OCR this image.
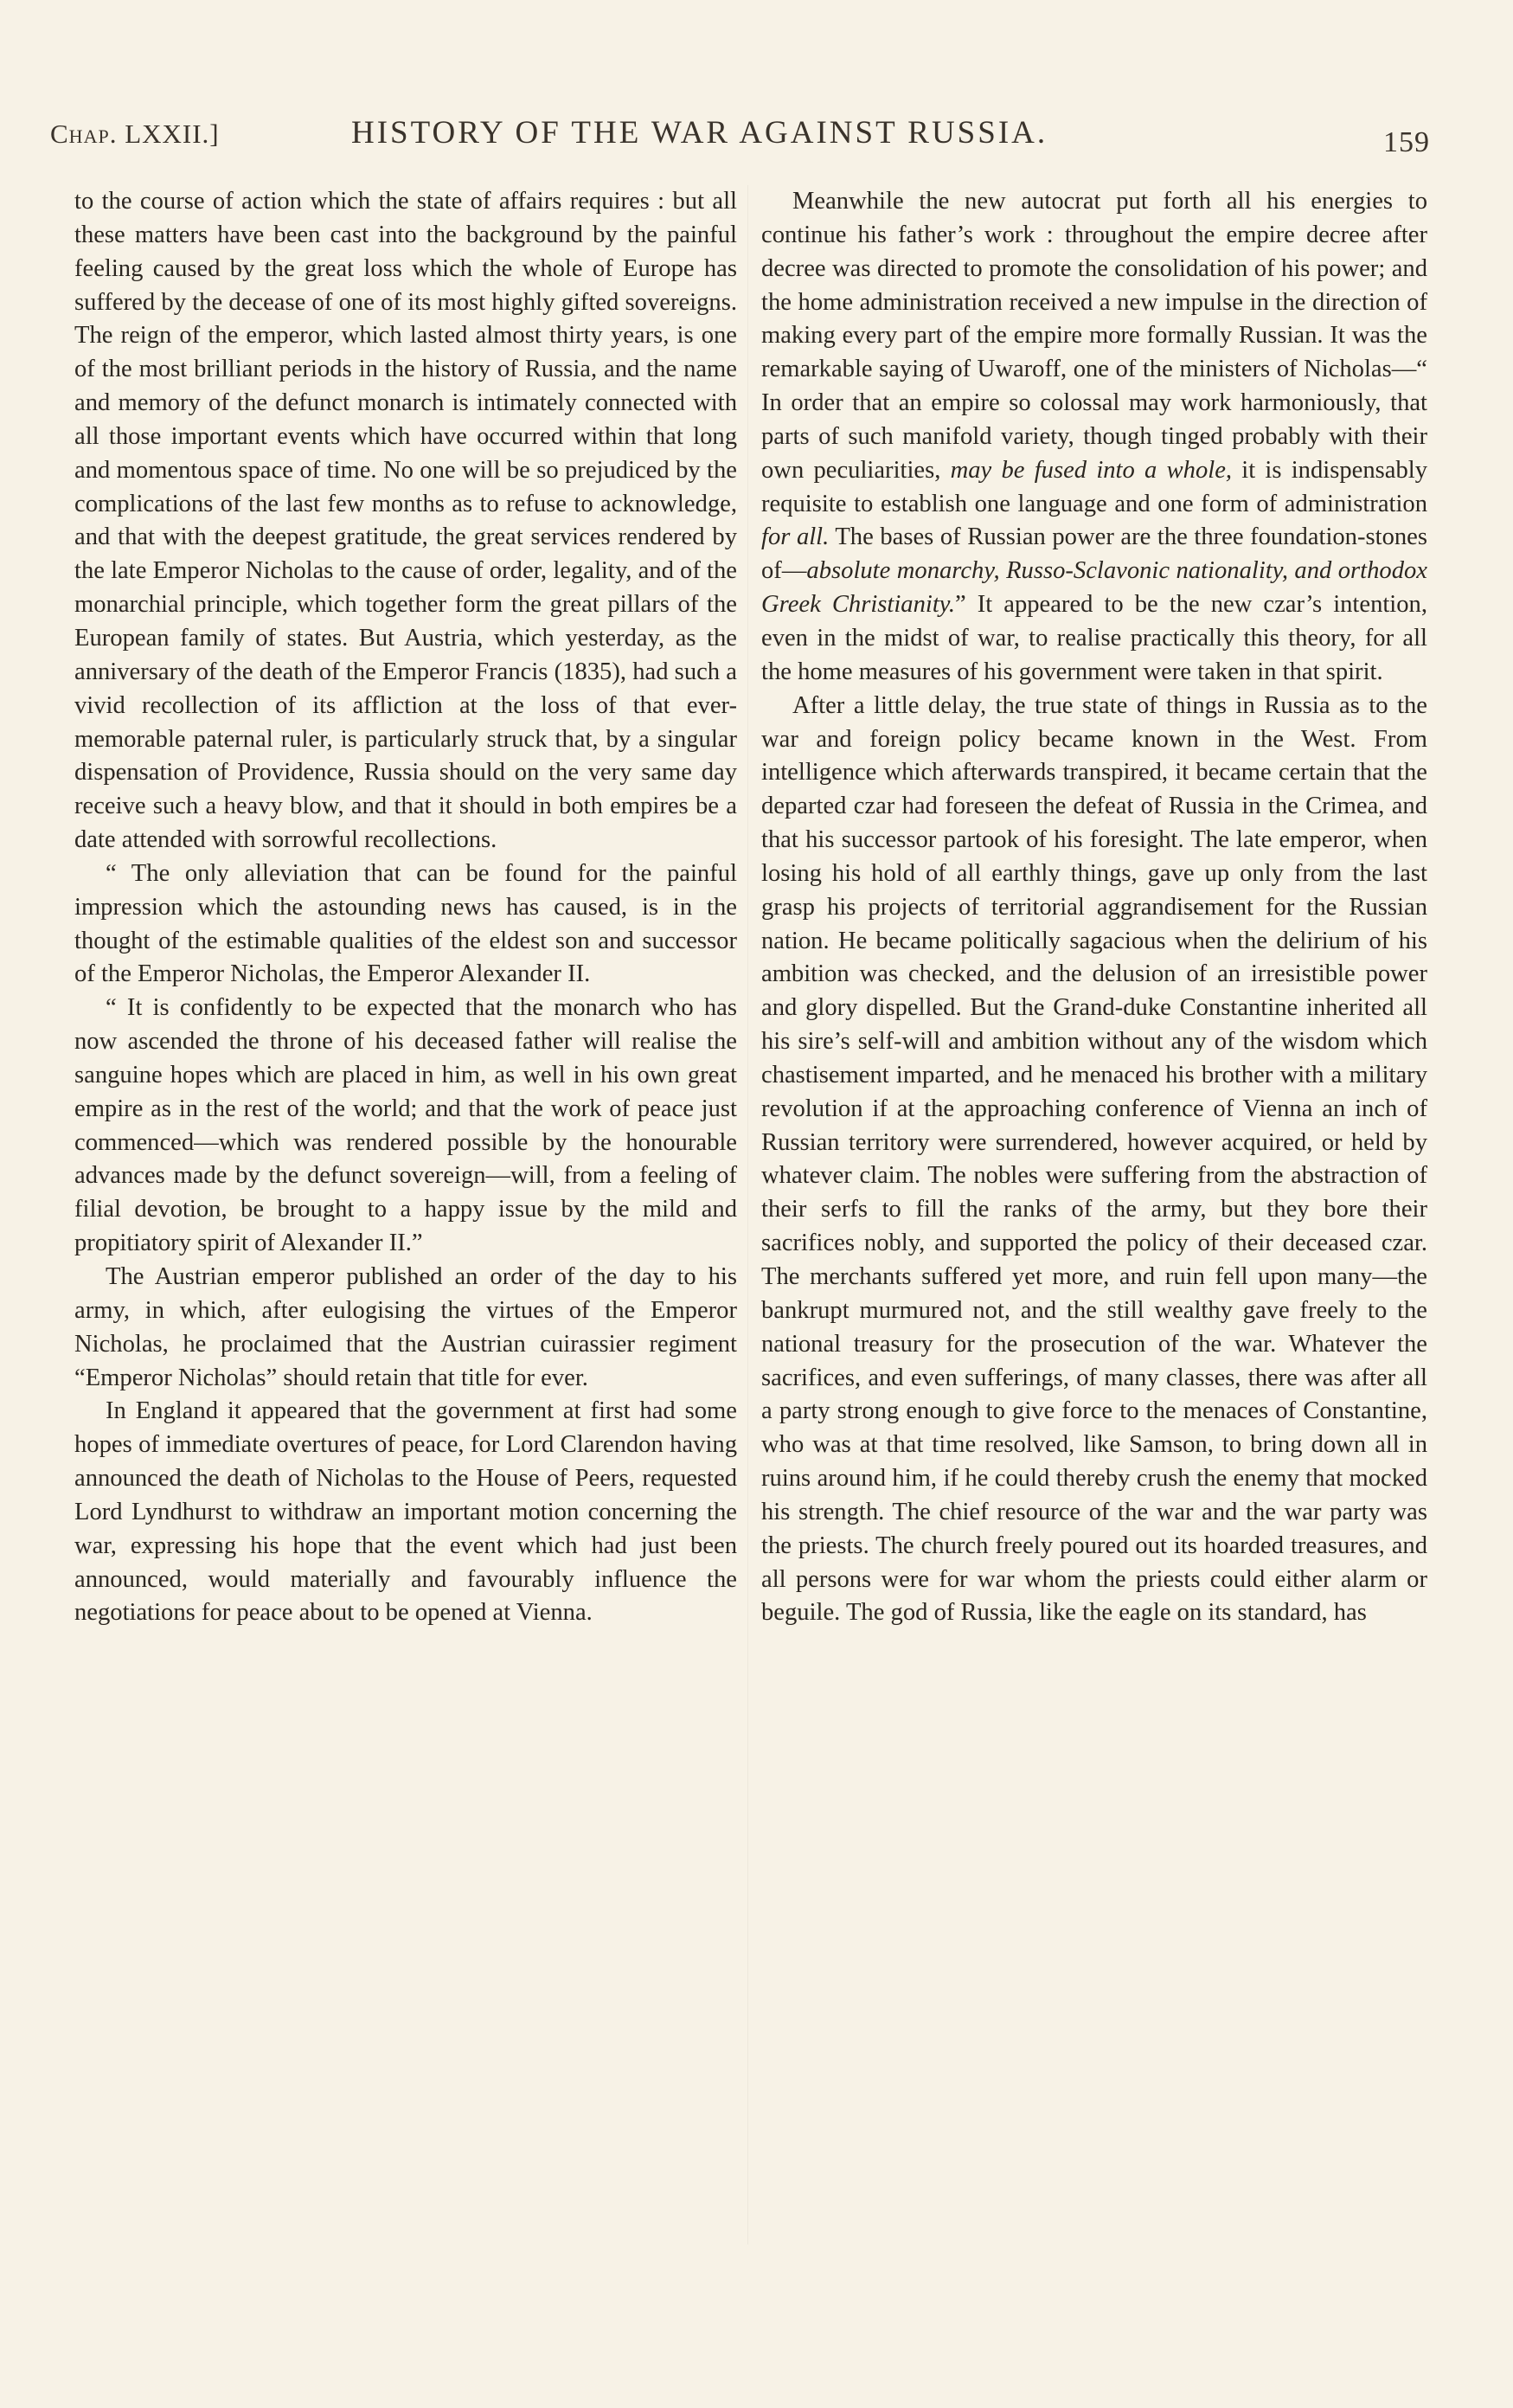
Chap. LXXII.]	HISTORY OF THE WAR AGAINST RUSSIA.	159

to the course of action which the state of affairs requires : but all these matters have been cast into the background by the painful feeling caused by the great loss which the whole of Europe has suffered by the decease of one of its most highly gifted sovereigns. The reign of the emperor, which lasted almost thirty years, is one of the most brilliant periods in the history of Russia, and the name and memory of the defunct monarch is intimately connected with all those important events which have occurred within that long and momentous space of time. No one will be so prejudiced by the complications of the last few months as to refuse to acknowledge, and that with the deepest gratitude, the great services rendered by the late Emperor Nicholas to the cause of order, legality, and of the monarchial principle, which together form the great pillars of the European family of states. But Austria, which yesterday, as the anniversary of the death of the Emperor Francis (1835), had such a vivid recollection of its affliction at the loss of that ever-memorable paternal ruler, is particularly struck that, by a singular dispensation of Providence, Russia should on the very same day receive such a heavy blow, and that it should in both empires be a date attended with sorrowful recollections.

“ The only alleviation that can be found for the painful impression which the astounding news has caused, is in the thought of the estimable qualities of the eldest son and successor of the Emperor Nicholas, the Emperor Alexander II.

“ It is confidently to be expected that the monarch who has now ascended the throne of his deceased father will realise the sanguine hopes which are placed in him, as well in his own great empire as in the rest of the world; and that the work of peace just commenced—which was rendered possible by the honourable advances made by the defunct sovereign—will, from a feeling of filial devotion, be brought to a happy issue by the mild and propitiatory spirit of Alexander II.”

The Austrian emperor published an order of the day to his army, in which, after eulogising the virtues of the Emperor Nicholas, he proclaimed that the Austrian cuirassier regiment “Emperor Nicholas” should retain that title for ever.

In England it appeared that the government at first had some hopes of immediate overtures of peace, for Lord Clarendon having announced the death of Nicholas to the House of Peers, requested Lord Lyndhurst to withdraw an important motion concerning the war, expressing his hope that the event which had just been announced, would materially and favourably influence the negotiations for peace about to be opened at Vienna.

Meanwhile the new autocrat put forth all his energies to continue his father’s work : throughout the empire decree after decree was directed to promote the consolidation of his power; and the home administration received a new impulse in the direction of making every part of the empire more formally Russian. It was the remarkable saying of Uwaroff, one of the ministers of Nicholas—“ In order that an empire so colossal may work harmoniously, that parts of such manifold variety, though tinged probably with their own peculiarities, may be fused into a whole, it is indispensably requisite to establish one language and one form of administration for all. The bases of Russian power are the three foundation-stones of—absolute monarchy, Russo-Sclavonic nationality, and orthodox Greek Christianity.” It appeared to be the new czar’s intention, even in the midst of war, to realise practically this theory, for all the home measures of his government were taken in that spirit.

After a little delay, the true state of things in Russia as to the war and foreign policy became known in the West. From intelligence which afterwards transpired, it became certain that the departed czar had foreseen the defeat of Russia in the Crimea, and that his successor partook of his foresight. The late emperor, when losing his hold of all earthly things, gave up only from the last grasp his projects of territorial aggrandisement for the Russian nation. He became politically sagacious when the delirium of his ambition was checked, and the delusion of an irresistible power and glory dispelled. But the Grand-duke Constantine inherited all his sire’s self-will and ambition without any of the wisdom which chastisement imparted, and he menaced his brother with a military revolution if at the approaching conference of Vienna an inch of Russian territory were surrendered, however acquired, or held by whatever claim. The nobles were suffering from the abstraction of their serfs to fill the ranks of the army, but they bore their sacrifices nobly, and supported the policy of their deceased czar. The merchants suffered yet more, and ruin fell upon many—the bankrupt murmured not, and the still wealthy gave freely to the national treasury for the prosecution of the war. Whatever the sacrifices, and even sufferings, of many classes, there was after all a party strong enough to give force to the menaces of Constantine, who was at that time resolved, like Samson, to bring down all in ruins around him, if he could thereby crush the enemy that mocked his strength. The chief resource of the war and the war party was the priests. The church freely poured out its hoarded treasures, and all persons were for war whom the priests could either alarm or beguile. The god of Russia, like the eagle on its standard, has
